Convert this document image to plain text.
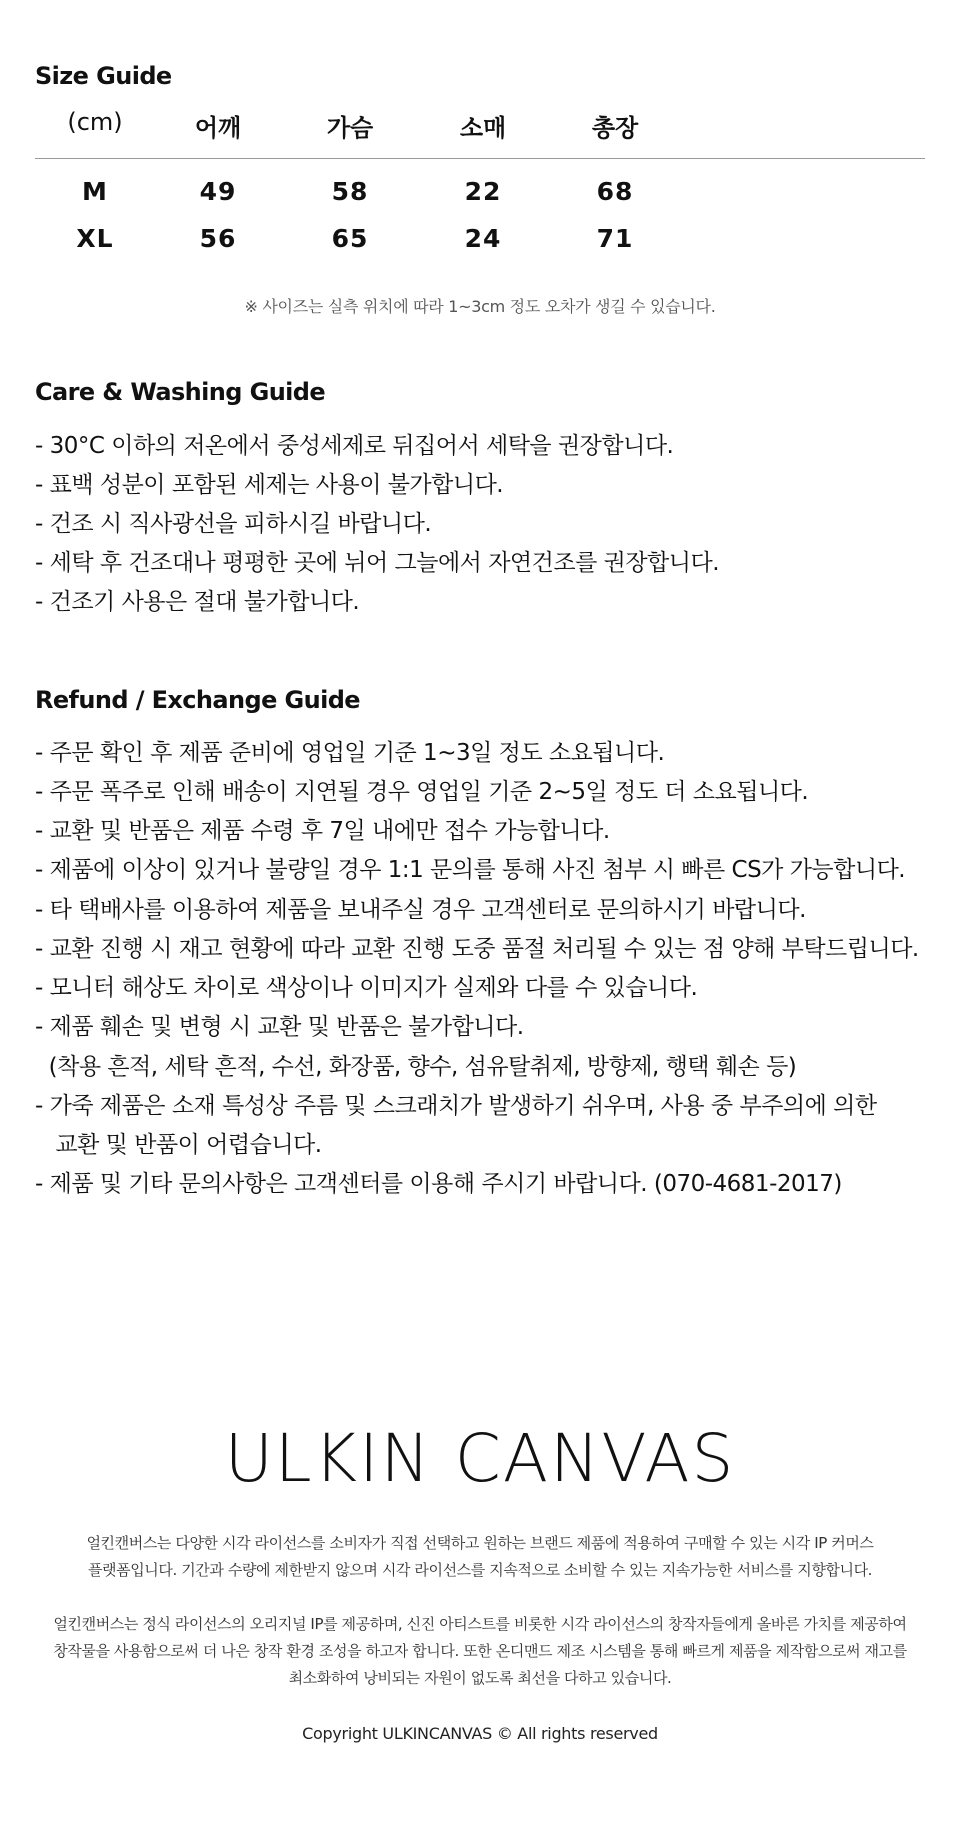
Size Guide
(cm)	어깨	가슴	소매	총장
M	49	58	22	68
XL	56	65	24	71
※ 사이즈는 실측 위치에 따라 1~3cm 정도 오차가 생길 수 있습니다.
Care & Washing Guide
- 30°C 이하의 저온에서 중성세제로 뒤집어서 세탁을 권장합니다.
- 표백 성분이 포함된 세제는 사용이 불가합니다.
- 건조 시 직사광선을 피하시길 바랍니다.
- 세탁 후 건조대나 평평한 곳에 뉘어 그늘에서 자연건조를 권장합니다.
- 건조기 사용은 절대 불가합니다.
Refund / Exchange Guide
- 주문 확인 후 제품 준비에 영업일 기준 1~3일 정도 소요됩니다.
- 주문 폭주로 인해 배송이 지연될 경우 영업일 기준 2~5일 정도 더 소요됩니다.
- 교환 및 반품은 제품 수령 후 7일 내에만 접수 가능합니다.
- 제품에 이상이 있거나 불량일 경우 1:1 문의를 통해 사진 첨부 시 빠른 CS가 가능합니다.
- 타 택배사를 이용하여 제품을 보내주실 경우 고객센터로 문의하시기 바랍니다.
- 교환 진행 시 재고 현황에 따라 교환 진행 도중 품절 처리될 수 있는 점 양해 부탁드립니다.
- 모니터 해상도 차이로 색상이나 이미지가 실제와 다를 수 있습니다.
- 제품 훼손 및 변형 시 교환 및 반품은 불가합니다.
(착용 흔적, 세탁 흔적, 수선, 화장품, 향수, 섬유탈취제, 방향제, 행택 훼손 등)
- 가죽 제품은 소재 특성상 주름 및 스크래치가 발생하기 쉬우며, 사용 중 부주의에 의한
교환 및 반품이 어렵습니다.
- 제품 및 기타 문의사항은 고객센터를 이용해 주시기 바랍니다. (070-4681-2017)
ULKIN CANVAS
얼킨캔버스는 다양한 시각 라이선스를 소비자가 직접 선택하고 원하는 브랜드 제품에 적용하여 구매할 수 있는 시각 IP 커머스
플랫폼입니다. 기간과 수량에 제한받지 않으며 시각 라이선스를 지속적으로 소비할 수 있는 지속가능한 서비스를 지향합니다.
얼킨캔버스는 정식 라이선스의 오리지널 IP를 제공하며, 신진 아티스트를 비롯한 시각 라이선스의 창작자들에게 올바른 가치를 제공하여
창작물을 사용함으로써 더 나은 창작 환경 조성을 하고자 합니다. 또한 온디맨드 제조 시스템을 통해 빠르게 제품을 제작함으로써 재고를
최소화하여 낭비되는 자원이 없도록 최선을 다하고 있습니다.
Copyright ULKINCANVAS © All rights reserved
